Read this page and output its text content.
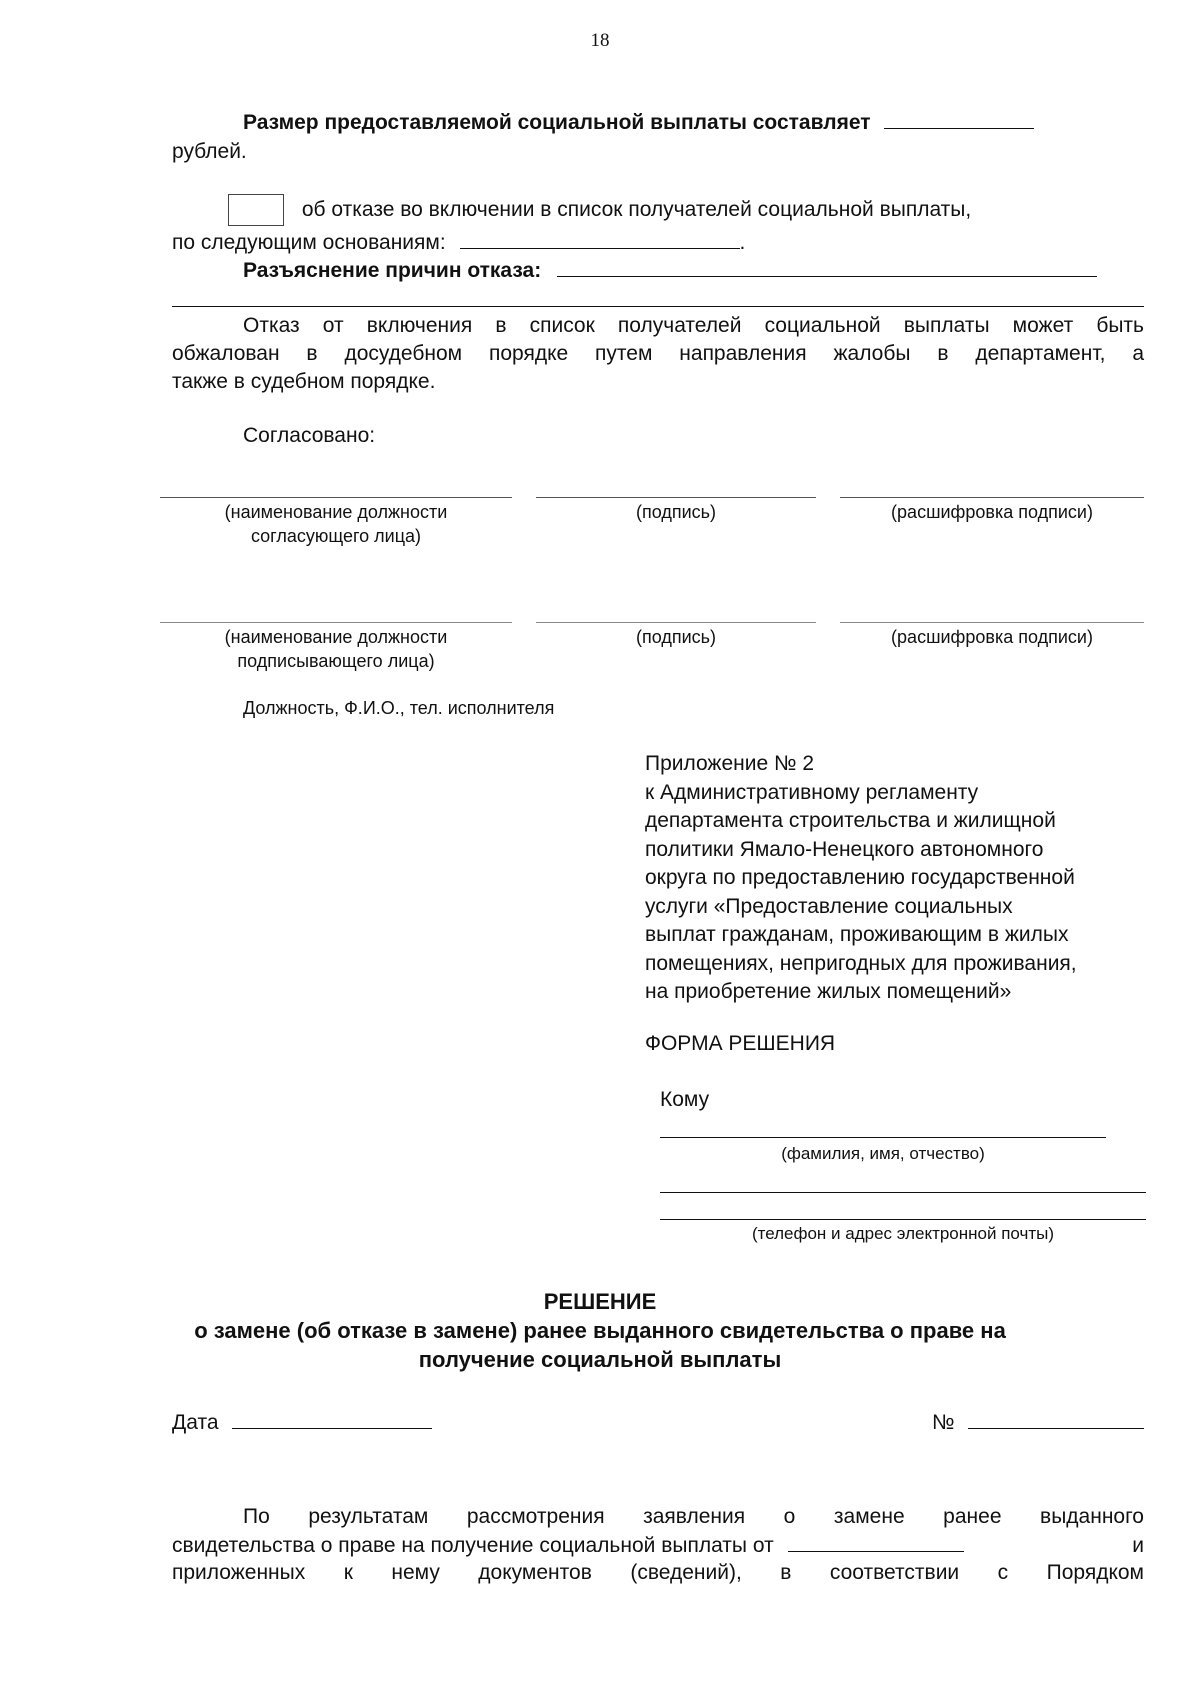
18
Размер предоставляемой социальной выплаты составляет
рублей.
об отказе во включении в список получателей социальной выплаты,
по следующим основаниям:	.
Разъяснение причин отказа:
Отказ от включения в список получателей социальной выплаты может быть
обжалован в досудебном порядке путем направления жалобы в департамент, а
также в судебном порядке.
Согласовано:
(наименование должности
согласующего лица)
(подпись)	(расшифровка подписи)
(наименование должности
подписывающего лица)
(подпись)	(расшифровка подписи)
Должность, Ф.И.О., тел. исполнителя
Приложение № 2
к Административному регламенту
департамента строительства и жилищной
политики Ямало-Ненецкого автономного
округа по предоставлению государственной
услуги «Предоставление социальных
выплат гражданам, проживающим в жилых
помещениях, непригодных для проживания,
на приобретение жилых помещений»
ФОРМА РЕШЕНИЯ
Кому
(фамилия, имя, отчество)
(телефон и адрес электронной почты)
РЕШЕНИЕ
о замене (об отказе в замене) ранее выданного свидетельства о праве на
получение социальной выплаты
Дата	№
По результатам рассмотрения заявления о замене ранее выданного
свидетельства о праве на получение социальной выплаты от	и
приложенных к нему документов (сведений), в соответствии с Порядком
